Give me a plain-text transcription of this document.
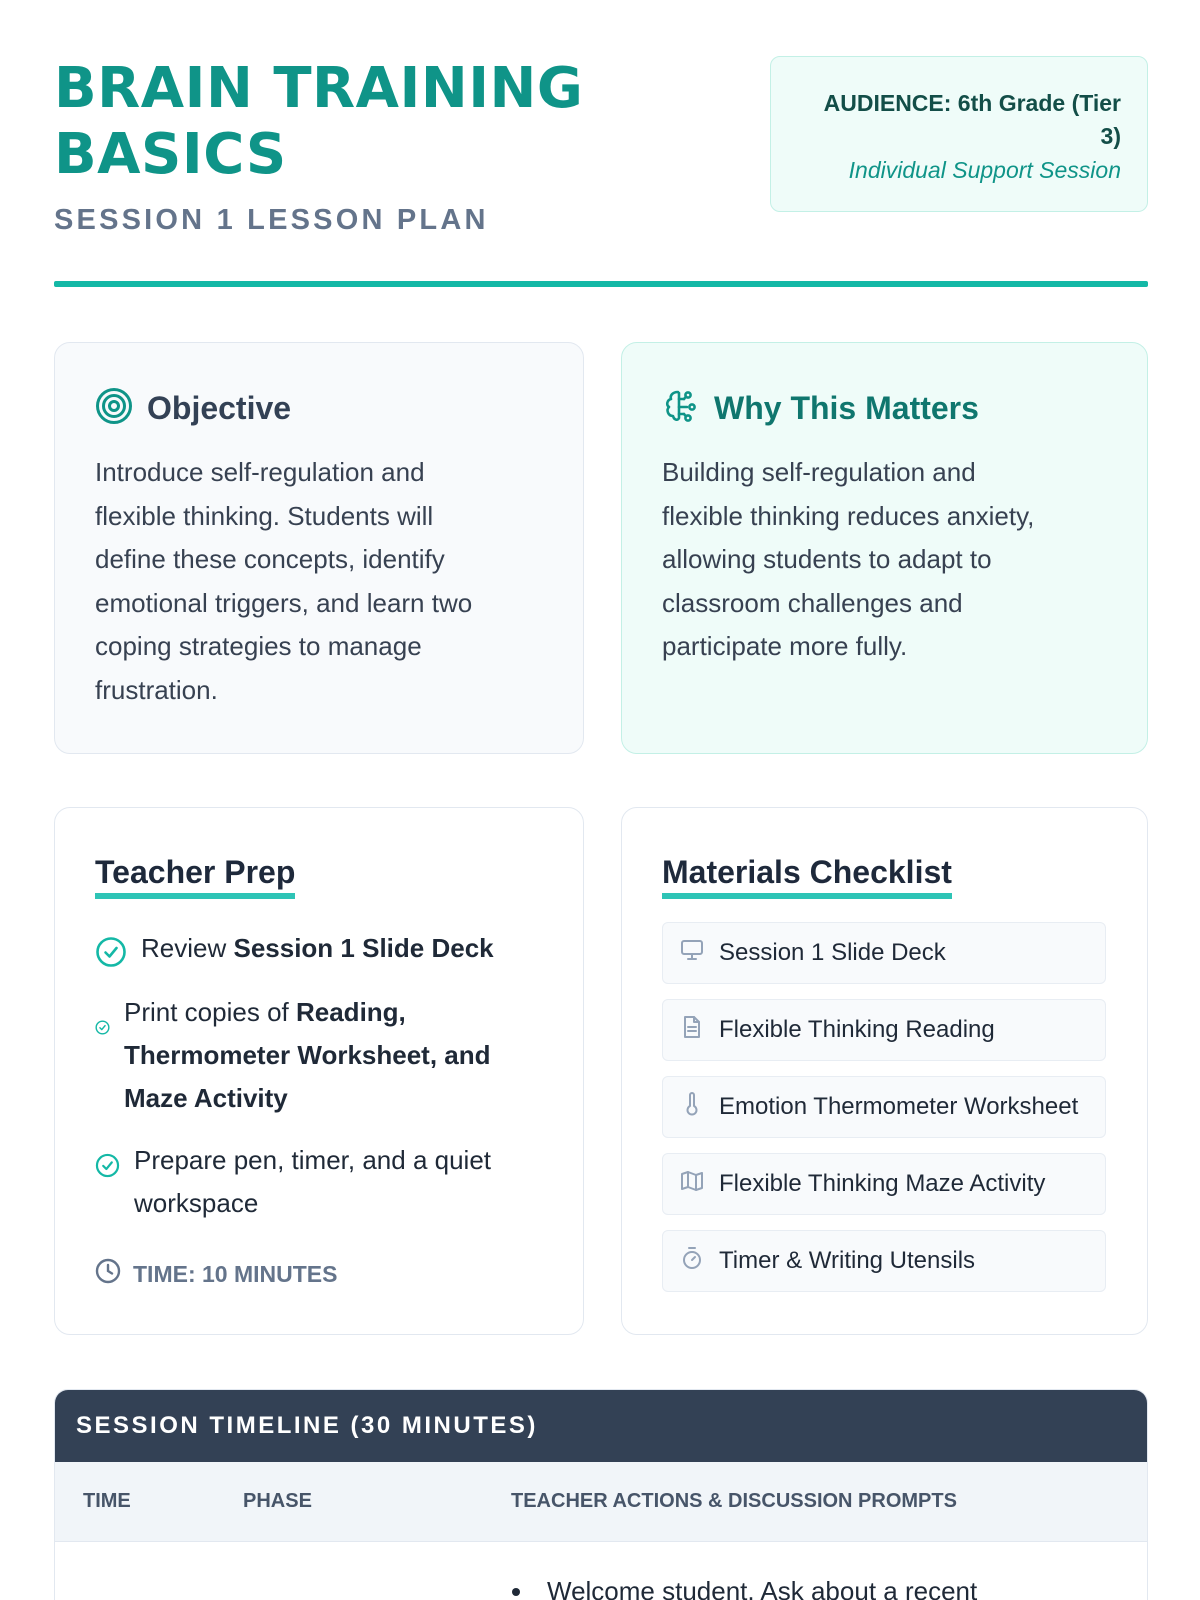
BRAIN TRAINING
BASICS
SESSION 1 LESSON PLAN
AUDIENCE: 6th Grade (Tier
3)
Individual Support Session
Objective
Introduce self-regulation and
flexible thinking. Students will
define these concepts, identify
emotional triggers, and learn two
coping strategies to manage
frustration.
Why This Matters
Building self-regulation and
flexible thinking reduces anxiety,
allowing students to adapt to
classroom challenges and
participate more fully.
Teacher Prep
Review Session 1 Slide Deck
Print copies of Reading,
Thermometer Worksheet, and
Maze Activity
Prepare pen, timer, and a quiet
workspace
TIME: 10 MINUTES
Materials Checklist
Session 1 Slide Deck
Flexible Thinking Reading
Emotion Thermometer Worksheet
Flexible Thinking Maze Activity
Timer & Writing Utensils
SESSION TIMELINE (30 MINUTES)
TIME	PHASE	TEACHER ACTIONS & DISCUSSION PROMPTS
• Welcome student. Ask about a recent
